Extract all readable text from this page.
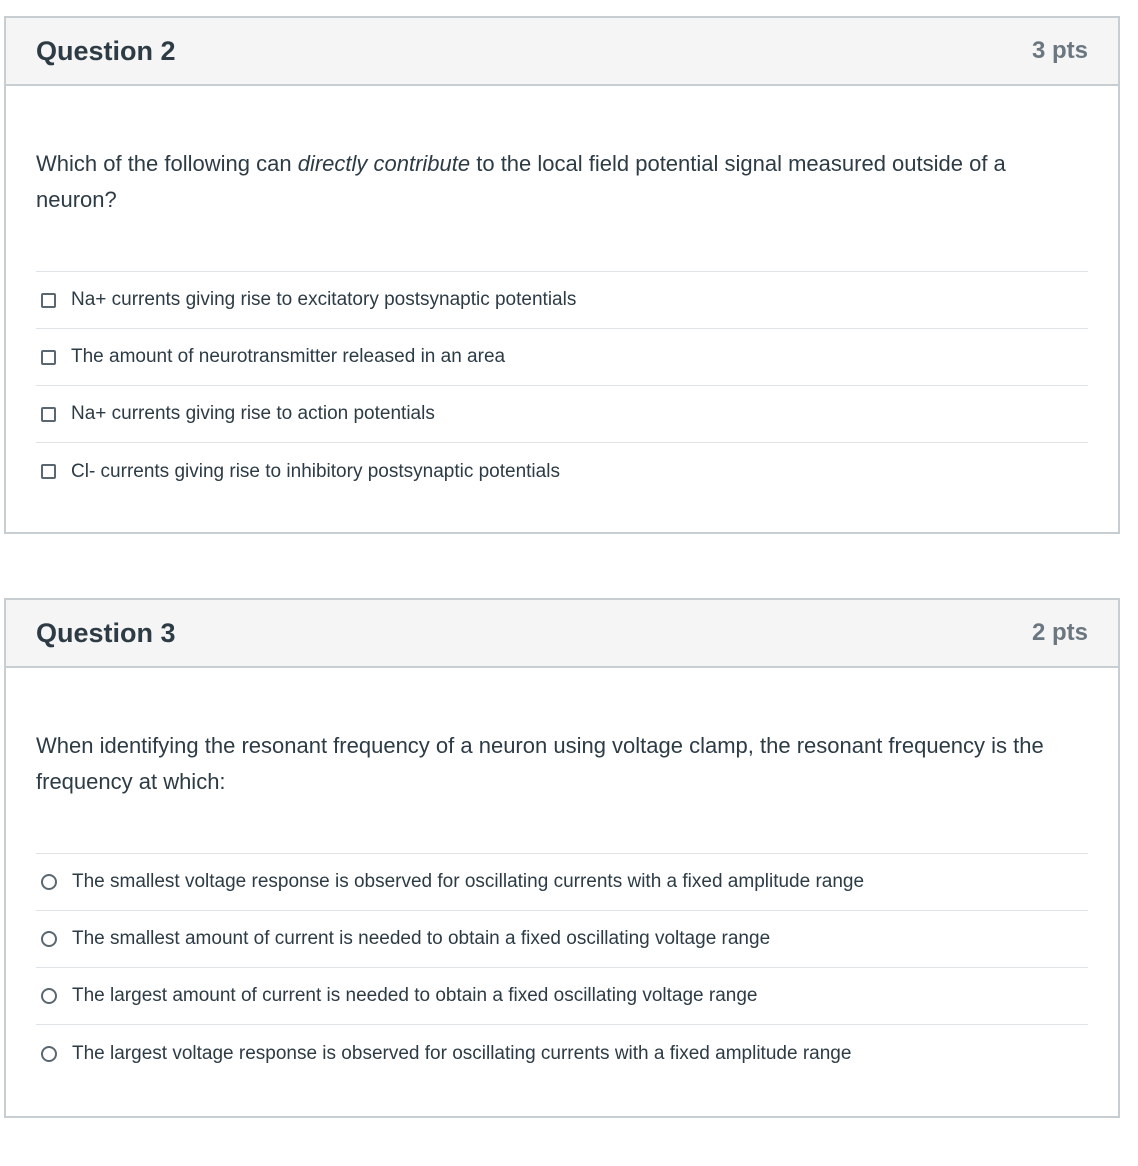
Question 2	3 pts
Which of the following can directly contribute to the local field potential signal measured outside of a neuron?
Na+ currents giving rise to excitatory postsynaptic potentials
The amount of neurotransmitter released in an area
Na+ currents giving rise to action potentials
Cl- currents giving rise to inhibitory postsynaptic potentials
Question 3	2 pts
When identifying the resonant frequency of a neuron using voltage clamp, the resonant frequency is the frequency at which:
The smallest voltage response is observed for oscillating currents with a fixed amplitude range
The smallest amount of current is needed to obtain a fixed oscillating voltage range
The largest amount of current is needed to obtain a fixed oscillating voltage range
The largest voltage response is observed for oscillating currents with a fixed amplitude range
